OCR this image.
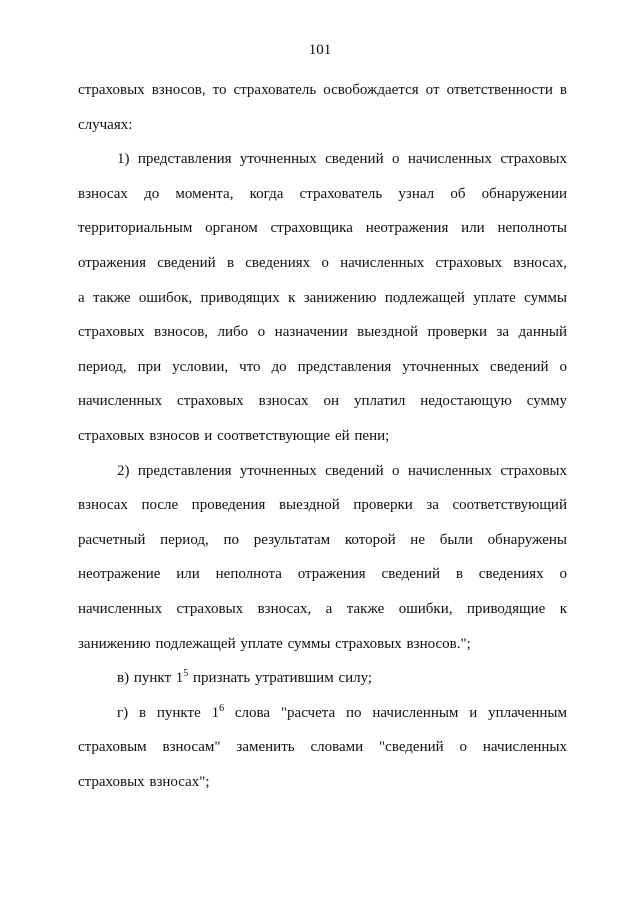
101

страховых взносов, то страхователь освобождается от ответственности в

случаях:

1) представления уточненных сведений о начисленных страховых

взносах до момента, когда страхователь узнал об обнаружении

территориальным органом страховщика неотражения или неполноты

отражения сведений в сведениях о начисленных страховых взносах,

а также ошибок, приводящих к занижению подлежащей уплате суммы

страховых взносов, либо о назначении выездной проверки за данный

период, при условии, что до представления уточненных сведений о

начисленных страховых взносах он уплатил недостающую сумму

страховых взносов и соответствующие ей пени;

2) представления уточненных сведений о начисленных страховых

взносах после проведения выездной проверки за соответствующий

расчетный период, по результатам которой не были обнаружены

неотражение или неполнота отражения сведений в сведениях о

начисленных страховых взносах, а также ошибки, приводящие к

занижению подлежащей уплате суммы страховых взносов.";

в) пункт $1^5$ признать утратившим силу;

г) в пункте $1^6$ слова "расчета по начисленным и уплаченным

страховым взносам" заменить словами "сведений о начисленных

страховых взносах";
